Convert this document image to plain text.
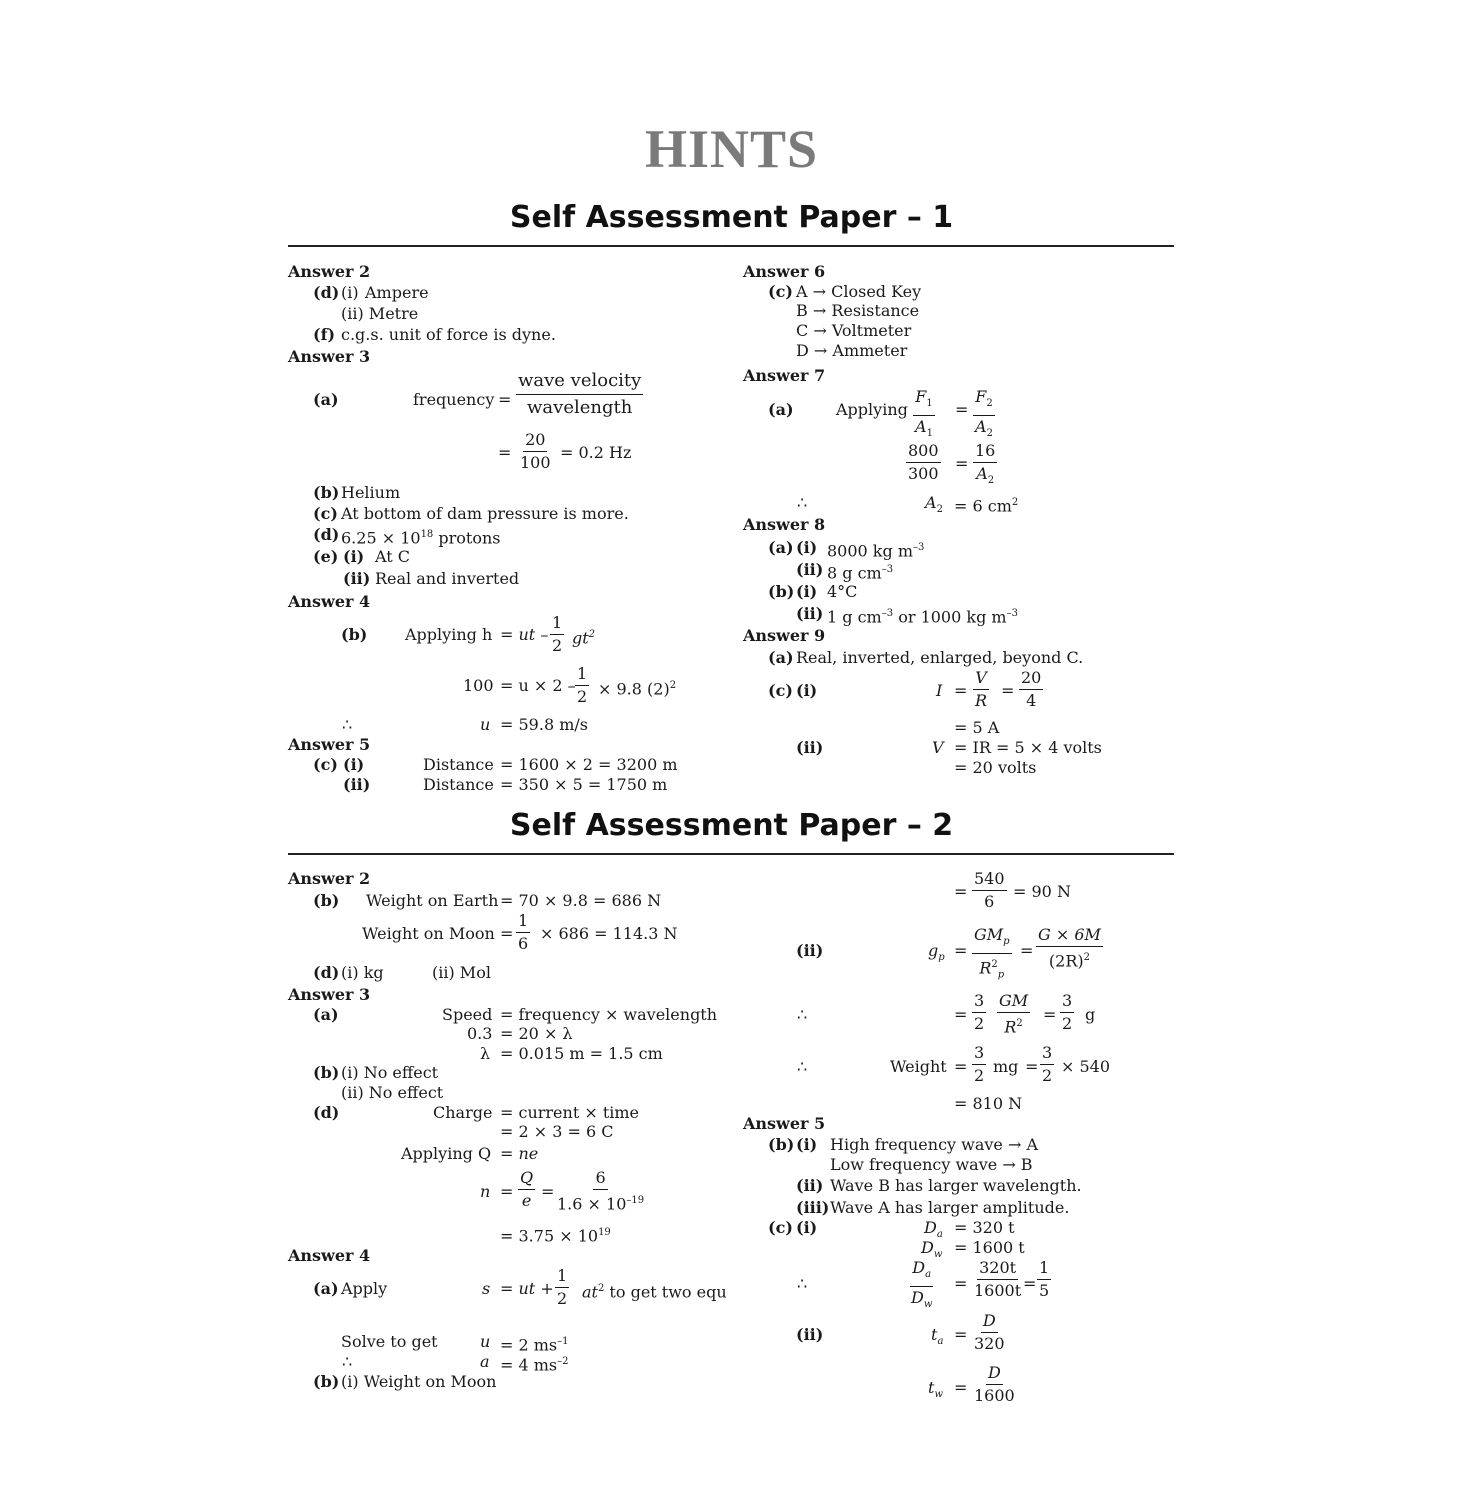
HINTS
Self Assessment Paper – 1
Answer 2
(d) (i) Ampere
(ii) Metre
(f) c.g.s. unit of force is dyne.
Answer 3
(a)	frequency =
wave velocity
wavelength
= $\frac{20}{100} = 0.2$ Hz
(b) Helium
(c) At bottom of dam pressure is more.
(d) $6.25 \times 10^{18}$ protons
(e) (i) At C
(ii) Real and inverted
Answer 4
(b) Applying h = ut – $\frac{1}{2} gt^2$
$100 = u \times 2 - \frac{1}{2} \times 9.8$ $(2)^2$
∴	u = 59.8 m/s
Answer 5
(c) (i)	Distance = 1600 × 2 = 3200 m
(ii)	Distance = 350 × 5 = 1750 m
Answer 6
(c) A → Closed Key
B → Resistance
C → Voltmeter
D → Ammeter
Answer 7
(a)	Applying $\frac{F_1}{A_1} = \frac{F_2}{A_2}$
$\frac{800}{300} = \frac{16}{A_2}$
∴	$A_2 = 6$ $cm^2$
Answer 8
(a) (i) 8000 kg $m^{-3}$
(ii) 8 g $cm^{-3}$
(b) (i) 4°C
(ii) 1 g $cm^{-3}$ or 1000 kg $m^{-3}$
Answer 9
(a) Real, inverted, enlarged, beyond C.
(c) (i)	$I = \frac{V}{R} = \frac{20}{4}$
= 5 A
(ii)	V = IR = 5 × 4 volts
= 20 volts
Self Assessment Paper – 2
Answer 2
(b) Weight on Earth = 70 × 9.8 = 686 N
Weight on Moon = $\frac{1}{6} \times 686 = 114.3$ N
(d) (i) kg	(ii) Mol
Answer 3
(a)	Speed = frequency × wavelength
0.3 = 20 × λ
λ = 0.015 m = 1.5 cm
(b) (i) No effect
(ii) No effect
(d)	Charge = current × time
= 2 × 3 = 6 C
Applying Q = ne
$n = \frac{Q}{e} = \frac{6}{1.6 \times 10^{-19}}$
= $3.75 \times 10^{19}$
Answer 4
(a) Apply	s = ut + $\frac{1}{2} at^2$ to get two equ
Solve to get	u = 2 $ms^{-1}$
∴	a = 4 $ms^{-2}$
(b) (i) Weight on Moon
= $\frac{540}{6} = 90$ N
(ii)	$g_p$ =
$GM_p$
$R^2_p$
= $\frac{G \times 6M}{(2R)^2}$
∴	= $\frac{3}{2} \frac{GM}{R^2} = \frac{3}{2}$ g
∴	Weight = $\frac{3}{2}$ mg = $\frac{3}{2} \times 540$
= 810 N
Answer 5
(b) (i) High frequency wave → A
Low frequency wave → B
(ii) Wave B has larger wavelength.
(iii) Wave A has larger amplitude.
(c) (i)	$D_a = 320$ t
$D_w = 1600$ t
∴	$\frac{D_a}{D_w} = \frac{320t}{1600t} = \frac{1}{5}$
(ii)	$t_a = \frac{D}{320}$
$t_w = \frac{D}{1600}$
